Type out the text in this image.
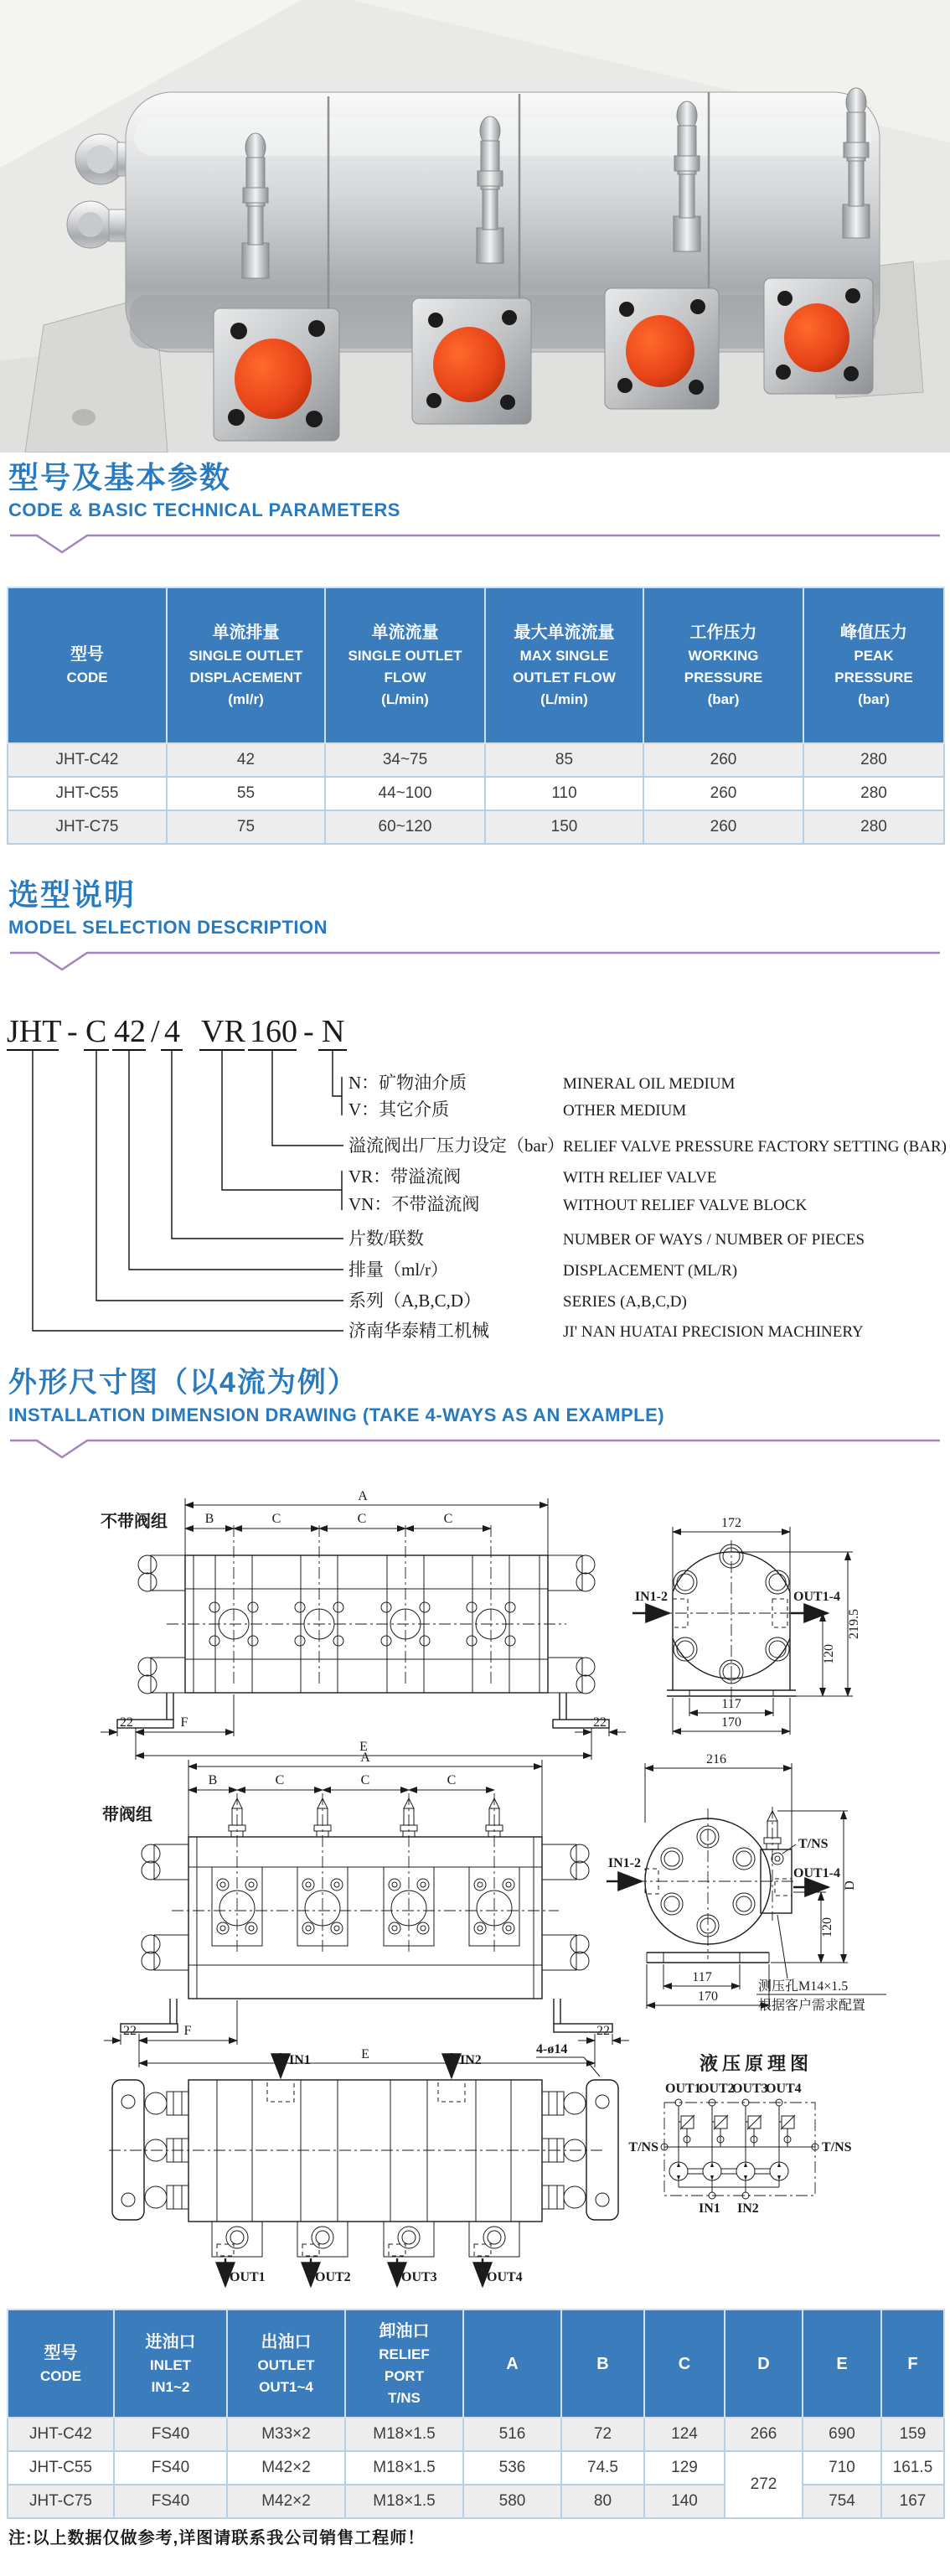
型号及基本参数
CODE & BASIC TECHNICAL PARAMETERS
型号
CODE

单流排量
SINGLE OUTLET
DISPLACEMENT
(ml/r)

单流流量
SINGLE OUTLET
FLOW
(L/min)

最大单流流量
MAX SINGLE
OUTLET FLOW
(L/min)

工作压力
WORKING
PRESSURE
(bar)

峰值压力
PEAK
PRESSURE
(bar)

JHT-C42	42	34~75	85	260	280
JHT-C55	55	44~100	110	260	280
JHT-C75	75	60~120	150	260	280
选型说明
MODEL SELECTION DESCRIPTION
JHT - C 42 / 4 VR 160 - N
N：矿物油介质
V：其它介质
溢流阀出厂压力设定（bar）
VR：带溢流阀
VN：不带溢流阀
片数/联数
排量（ml/r）
系列（A,B,C,D）
济南华泰精工机械
MINERAL OIL MEDIUM
OTHER MEDIUM
RELIEF VALVE PRESSURE FACTORY SETTING (BAR)
WITH RELIEF VALVE
WITHOUT RELIEF VALVE BLOCK
NUMBER OF WAYS / NUMBER OF PIECES
DISPLACEMENT (ML/R)
SERIES (A,B,C,D)
JI' NAN HUATAI PRECISION MACHINERY
外形尺寸图（以4流为例）
INSTALLATION DIMENSION DRAWING (TAKE 4-WAYS AS AN EXAMPLE)
不带阀组
A
B	C	C	C
22	F	22
E
172
IN1-2	OUT1-4
219.5
120
117
170
带阀组
A
B	C	C	C
22	F	22
E
216
IN1-2
T/NS
OUT1-4
D
120
117
170
测压孔M14×1.5
根据客户需求配置
IN1	IN2
4-ø14
OUT1	OUT2	OUT3	OUT4
液压原理图
OUT1
OUT2
OUT3
OUT4
T/NS	T/NS
IN1 IN2
型号
CODE

进油口
INLET
IN1~2

出油口
OUTLET
OUT1~4

卸油口
RELIEF
PORT
T/NS

A	B	C	D	E	F

JHT-C42	FS40	M33×2	M18×1.5	516	72	124	266	690	159
JHT-C55	FS40	M42×2	M18×1.5	536	74.5	129	272	710	161.5
JHT-C75	FS40	M42×2	M18×1.5	580	80	140		754	167
注:以上数据仅做参考,详图请联系我公司销售工程师！
